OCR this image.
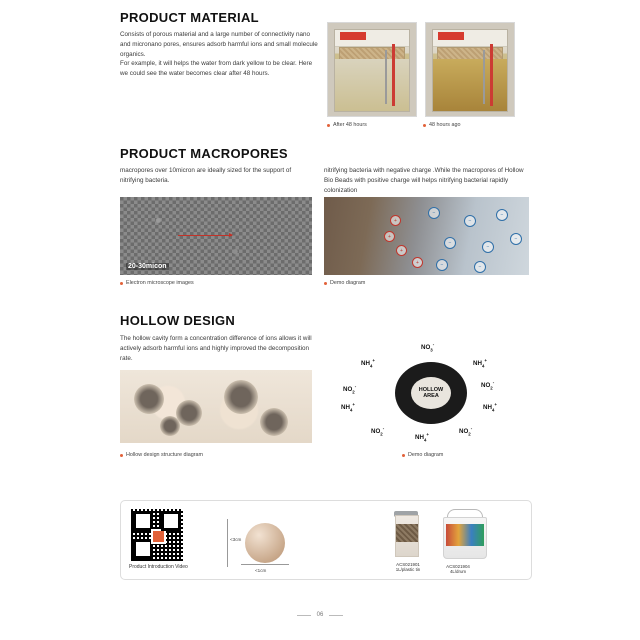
PRODUCT MATERIAL
Consists of porous material and a large number of connectivity nano and micronano pores, ensures adsorb harmful ions and small molecule organics.
For example, it will helps the water from dark yellow to be clear. Here we could see the water becomes clear after 48 hours.
After 48 hours	48 hours ago
PRODUCT MACROPORES
macropores over 10micron are ideally sized for the support of nitrifying bacteria.
nitrifying bacteria with negative charge .While the macropores of Hollow Bio Beads with positive charge will helps nitrifying bacterial rapidly colonization
20-30micon
+
+
+
+
−
−
−
−
−
−
−	−
Electron microscope images	Demo diagram
HOLLOW DESIGN
The hollow cavity form a concentration difference of ions allows it will actively adsorb harmful ions and highly improved the decomposition rate.
HOLLOW
AREA
$NO_3^-$
$NH_4^+$	$NH_4^+$
$NO_2^-$	$NO_2^-$
$NH_4^+$	$NH_4^+$
$NO_2^-$
$NH_4^+$	$NO_2^-$
Hollow design structure diagram	Demo diagram
Product Introduction Video
<3cm
<1cm
ACS021901
1L/plastic tin
ACS021904
4L/drum
06
